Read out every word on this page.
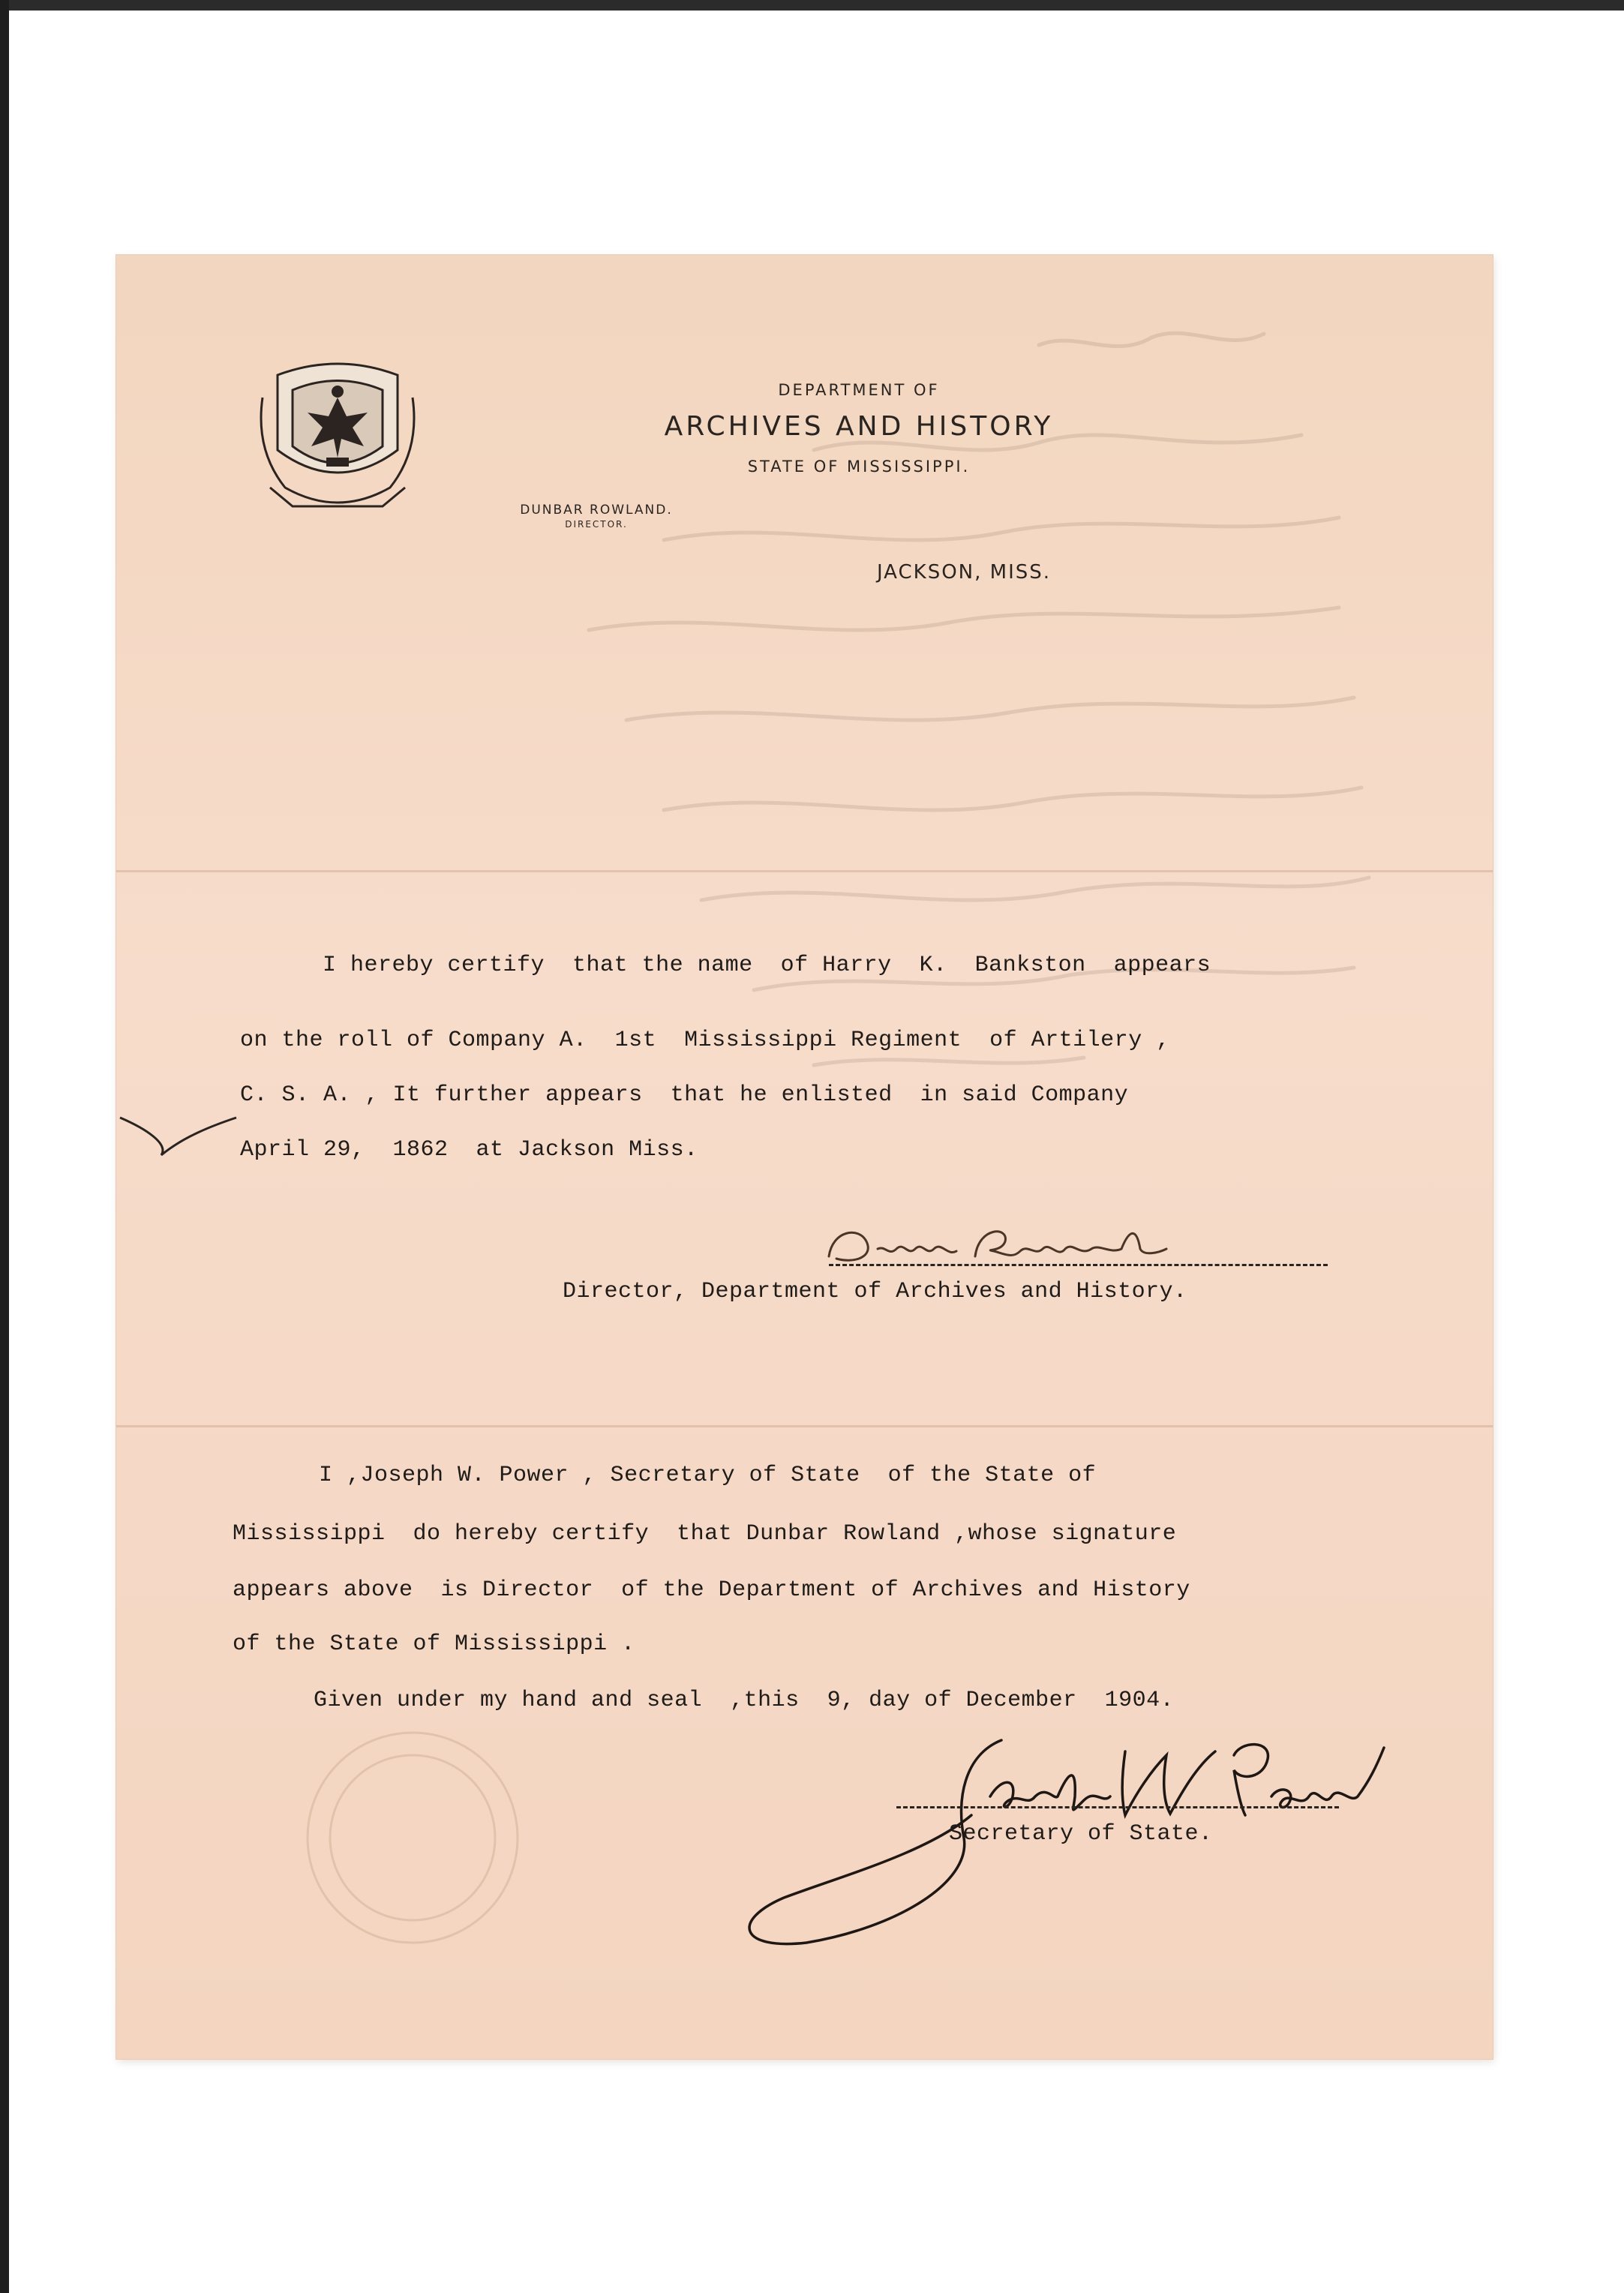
DEPARTMENT OF
ARCHIVES AND HISTORY
STATE OF MISSISSIPPI.
DUNBAR ROWLAND.
DIRECTOR.
JACKSON, MISS.
I hereby certify  that the name  of Harry  K.  Bankston  appears
on the roll of Company A.  1st  Mississippi Regiment  of Artilery ,
C. S. A. , It further appears  that he enlisted  in said Company
April 29,  1862  at Jackson Miss.
Director, Department of Archives and History.
I ,Joseph W. Power , Secretary of State  of the State of
Mississippi  do hereby certify  that Dunbar Rowland ,whose signature
appears above  is Director  of the Department of Archives and History
of the State of Mississippi .
Given under my hand and seal  ,this  9, day of December  1904.
Secretary of State.
